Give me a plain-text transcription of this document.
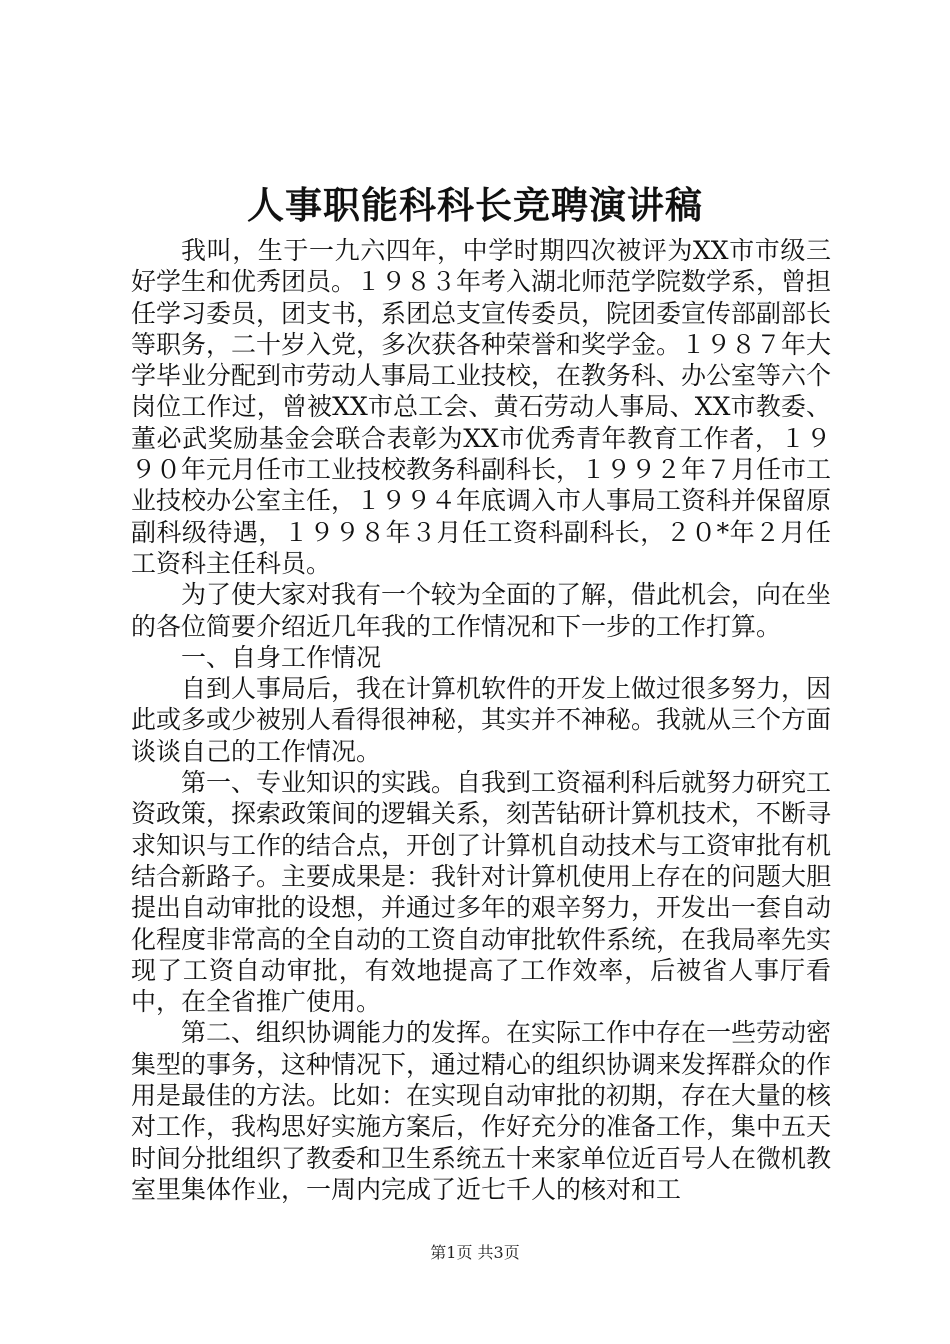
人事职能科科长竞聘演讲稿

我叫，生于一九六四年，中学时期四次被评为XX市市级三好学生和优秀团员。１９８３年考入湖北师范学院数学系，曾担任学习委员，团支书，系团总支宣传委员，院团委宣传部副部长等职务，二十岁入党，多次获各种荣誉和奖学金。１９８７年大学毕业分配到市劳动人事局工业技校，在教务科、办公室等六个岗位工作过，曾被XX市总工会、黄石劳动人事局、XX市教委、董必武奖励基金会联合表彰为XX市优秀青年教育工作者，１９９０年元月任市工业技校教务科副科长，１９９２年７月任市工业技校办公室主任，１９９４年底调入市人事局工资科并保留原副科级待遇，１９９８年３月任工资科副科长，２０*年２月任工资科主任科员。

为了使大家对我有一个较为全面的了解，借此机会，向在坐的各位简要介绍近几年我的工作情况和下一步的工作打算。

一、自身工作情况

自到人事局后，我在计算机软件的开发上做过很多努力，因此或多或少被别人看得很神秘，其实并不神秘。我就从三个方面谈谈自己的工作情况。

第一、专业知识的实践。自我到工资福利科后就努力研究工资政策，探索政策间的逻辑关系，刻苦钻研计算机技术，不断寻求知识与工作的结合点，开创了计算机自动技术与工资审批有机结合新路子。主要成果是：我针对计算机使用上存在的问题大胆提出自动审批的设想，并通过多年的艰辛努力，开发出一套自动化程度非常高的全自动的工资自动审批软件系统，在我局率先实现了工资自动审批，有效地提高了工作效率，后被省人事厅看中，在全省推广使用。

第二、组织协调能力的发挥。在实际工作中存在一些劳动密集型的事务，这种情况下，通过精心的组织协调来发挥群众的作用是最佳的方法。比如：在实现自动审批的初期，存在大量的核对工作，我构思好实施方案后，作好充分的准备工作，集中五天时间分批组织了教委和卫生系统五十来家单位近百号人在微机教室里集体作业，一周内完成了近七千人的核对和工

第1页 共3页
